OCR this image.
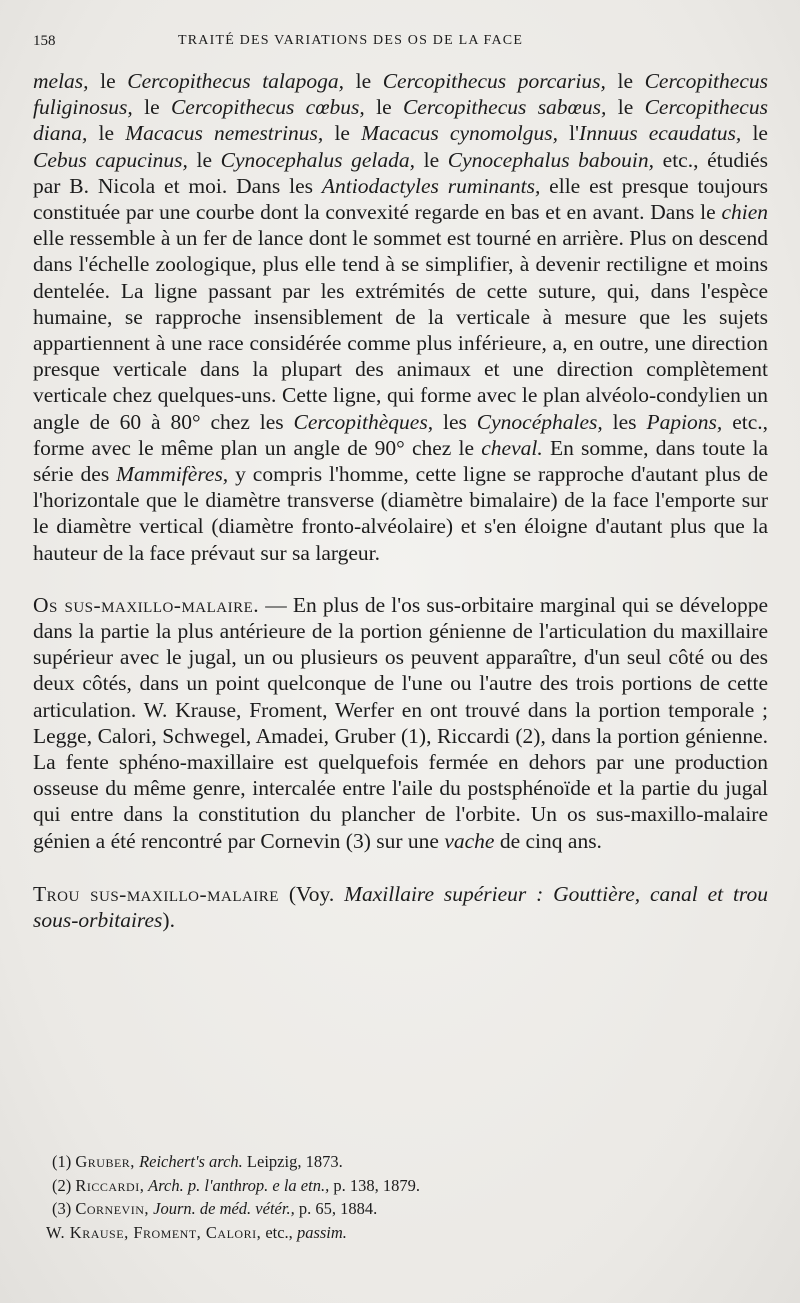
158	TRAITÉ DES VARIATIONS DES OS DE LA FACE

melas, le Cercopithecus talapoga, le Cercopithecus porcarius, le Cercopithecus fuliginosus, le Cercopithecus cœbus, le Cercopithecus sabœus, le Cercopithecus diana, le Macacus nemestrinus, le Macacus cynomolgus, l'Innuus ecaudatus, le Cebus capucinus, le Cynocephalus gelada, le Cynocephalus babouin, etc., étudiés par B. Nicola et moi. Dans les Antiodactyles ruminants, elle est presque toujours constituée par une courbe dont la convexité regarde en bas et en avant. Dans le chien elle ressemble à un fer de lance dont le sommet est tourné en arrière. Plus on descend dans l'échelle zoologique, plus elle tend à se simplifier, à devenir rectiligne et moins dentelée. La ligne passant par les extrémités de cette suture, qui, dans l'espèce humaine, se rapproche insensiblement de la verticale à mesure que les sujets appartiennent à une race considérée comme plus inférieure, a, en outre, une direction presque verticale dans la plupart des animaux et une direction complètement verticale chez quelques-uns. Cette ligne, qui forme avec le plan alvéolo-condylien un angle de 60 à 80° chez les Cercopithèques, les Cynocéphales, les Papions, etc., forme avec le même plan un angle de 90° chez le cheval. En somme, dans toute la série des Mammifères, y compris l'homme, cette ligne se rapproche d'autant plus de l'horizontale que le diamètre transverse (diamètre bimalaire) de la face l'emporte sur le diamètre vertical (diamètre fronto-alvéolaire) et s'en éloigne d'autant plus que la hauteur de la face prévaut sur sa largeur.

Os sus-maxillo-malaire. — En plus de l'os sus-orbitaire marginal qui se développe dans la partie la plus antérieure de la portion génienne de l'articulation du maxillaire supérieur avec le jugal, un ou plusieurs os peuvent apparaître, d'un seul côté ou des deux côtés, dans un point quelconque de l'une ou l'autre des trois portions de cette articulation. W. Krause, Froment, Werfer en ont trouvé dans la portion temporale ; Legge, Calori, Schwegel, Amadei, Gruber (1), Riccardi (2), dans la portion génienne. La fente sphéno-maxillaire est quelquefois fermée en dehors par une production osseuse du même genre, intercalée entre l'aile du postsphénoïde et la partie du jugal qui entre dans la constitution du plancher de l'orbite. Un os sus-maxillo-malaire génien a été rencontré par Cornevin (3) sur une vache de cinq ans.

Trou sus-maxillo-malaire (Voy. Maxillaire supérieur : Gouttière, canal et trou sous-orbitaires).

(1) Gruber, Reichert's arch. Leipzig, 1873.
(2) Riccardi, Arch. p. l'anthrop. e la etn., p. 138, 1879.
(3) Cornevin, Journ. de méd. vétér., p. 65, 1884.
W. Krause, Froment, Calori, etc., passim.
